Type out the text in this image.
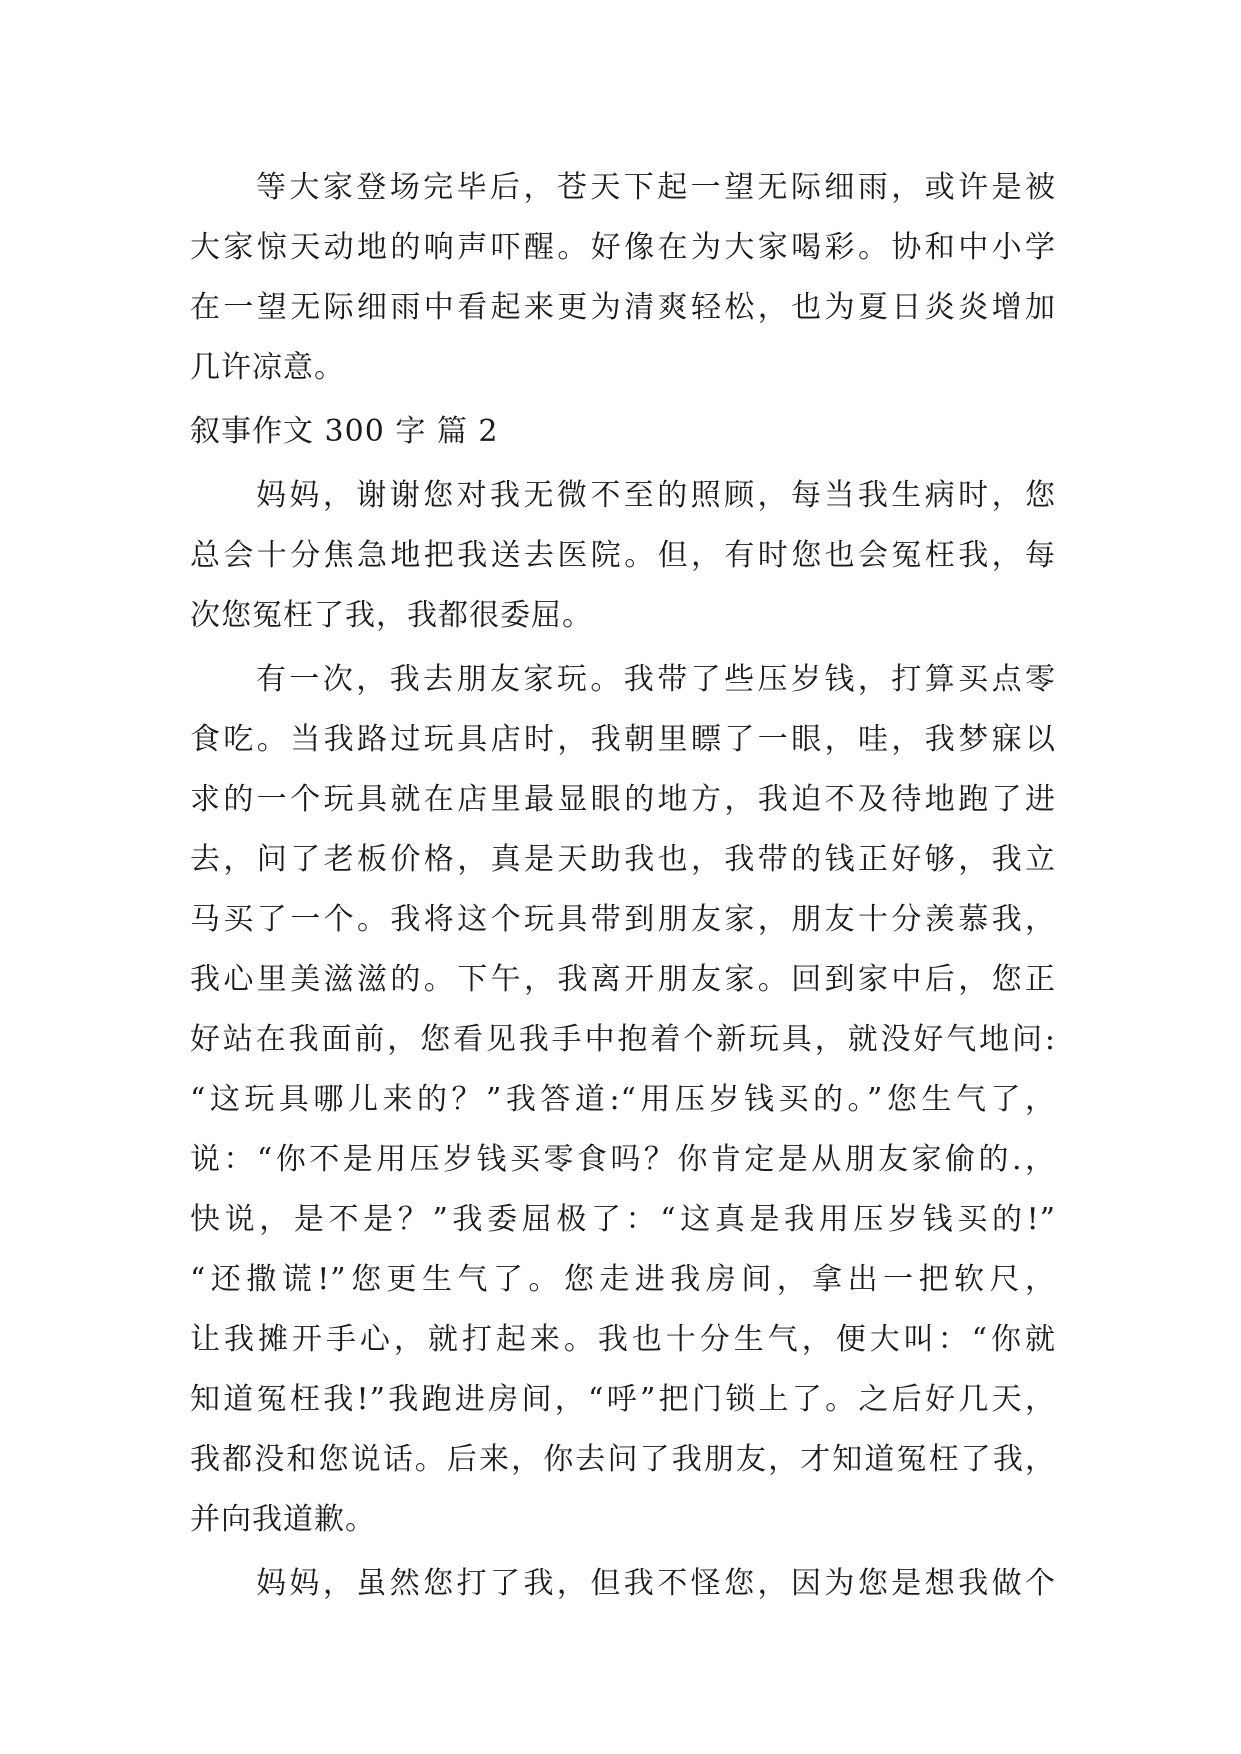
等大家登场完毕后，苍天下起一望无际细雨，或许是被
大家惊天动地的响声吓醒。好像在为大家喝彩。协和中小学
在一望无际细雨中看起来更为清爽轻松，也为夏日炎炎增加
几许凉意。
叙事作文 300 字 篇 2
妈妈，谢谢您对我无微不至的照顾，每当我生病时，您
总会十分焦急地把我送去医院。但，有时您也会冤枉我，每
次您冤枉了我，我都很委屈。
有一次，我去朋友家玩。我带了些压岁钱，打算买点零
食吃。当我路过玩具店时，我朝里瞟了一眼，哇，我梦寐以
求的一个玩具就在店里最显眼的地方，我迫不及待地跑了进
去，问了老板价格，真是天助我也，我带的钱正好够，我立
马买了一个。我将这个玩具带到朋友家，朋友十分羡慕我，
我心里美滋滋的。下午，我离开朋友家。回到家中后，您正
好站在我面前，您看见我手中抱着个新玩具，就没好气地问:
“这玩具哪儿来的？”我答道:“用压岁钱买的。”您生气了，
说：“你不是用压岁钱买零食吗？你肯定是从朋友家偷的.，
快说，是不是？”我委屈极了：“这真是我用压岁钱买的!”
“还撒谎!”您更生气了。您走进我房间，拿出一把软尺，
让我摊开手心，就打起来。我也十分生气，便大叫：“你就
知道冤枉我!”我跑进房间，“呼”把门锁上了。之后好几天，
我都没和您说话。后来，你去问了我朋友，才知道冤枉了我，
并向我道歉。
妈妈，虽然您打了我，但我不怪您，因为您是想我做个
